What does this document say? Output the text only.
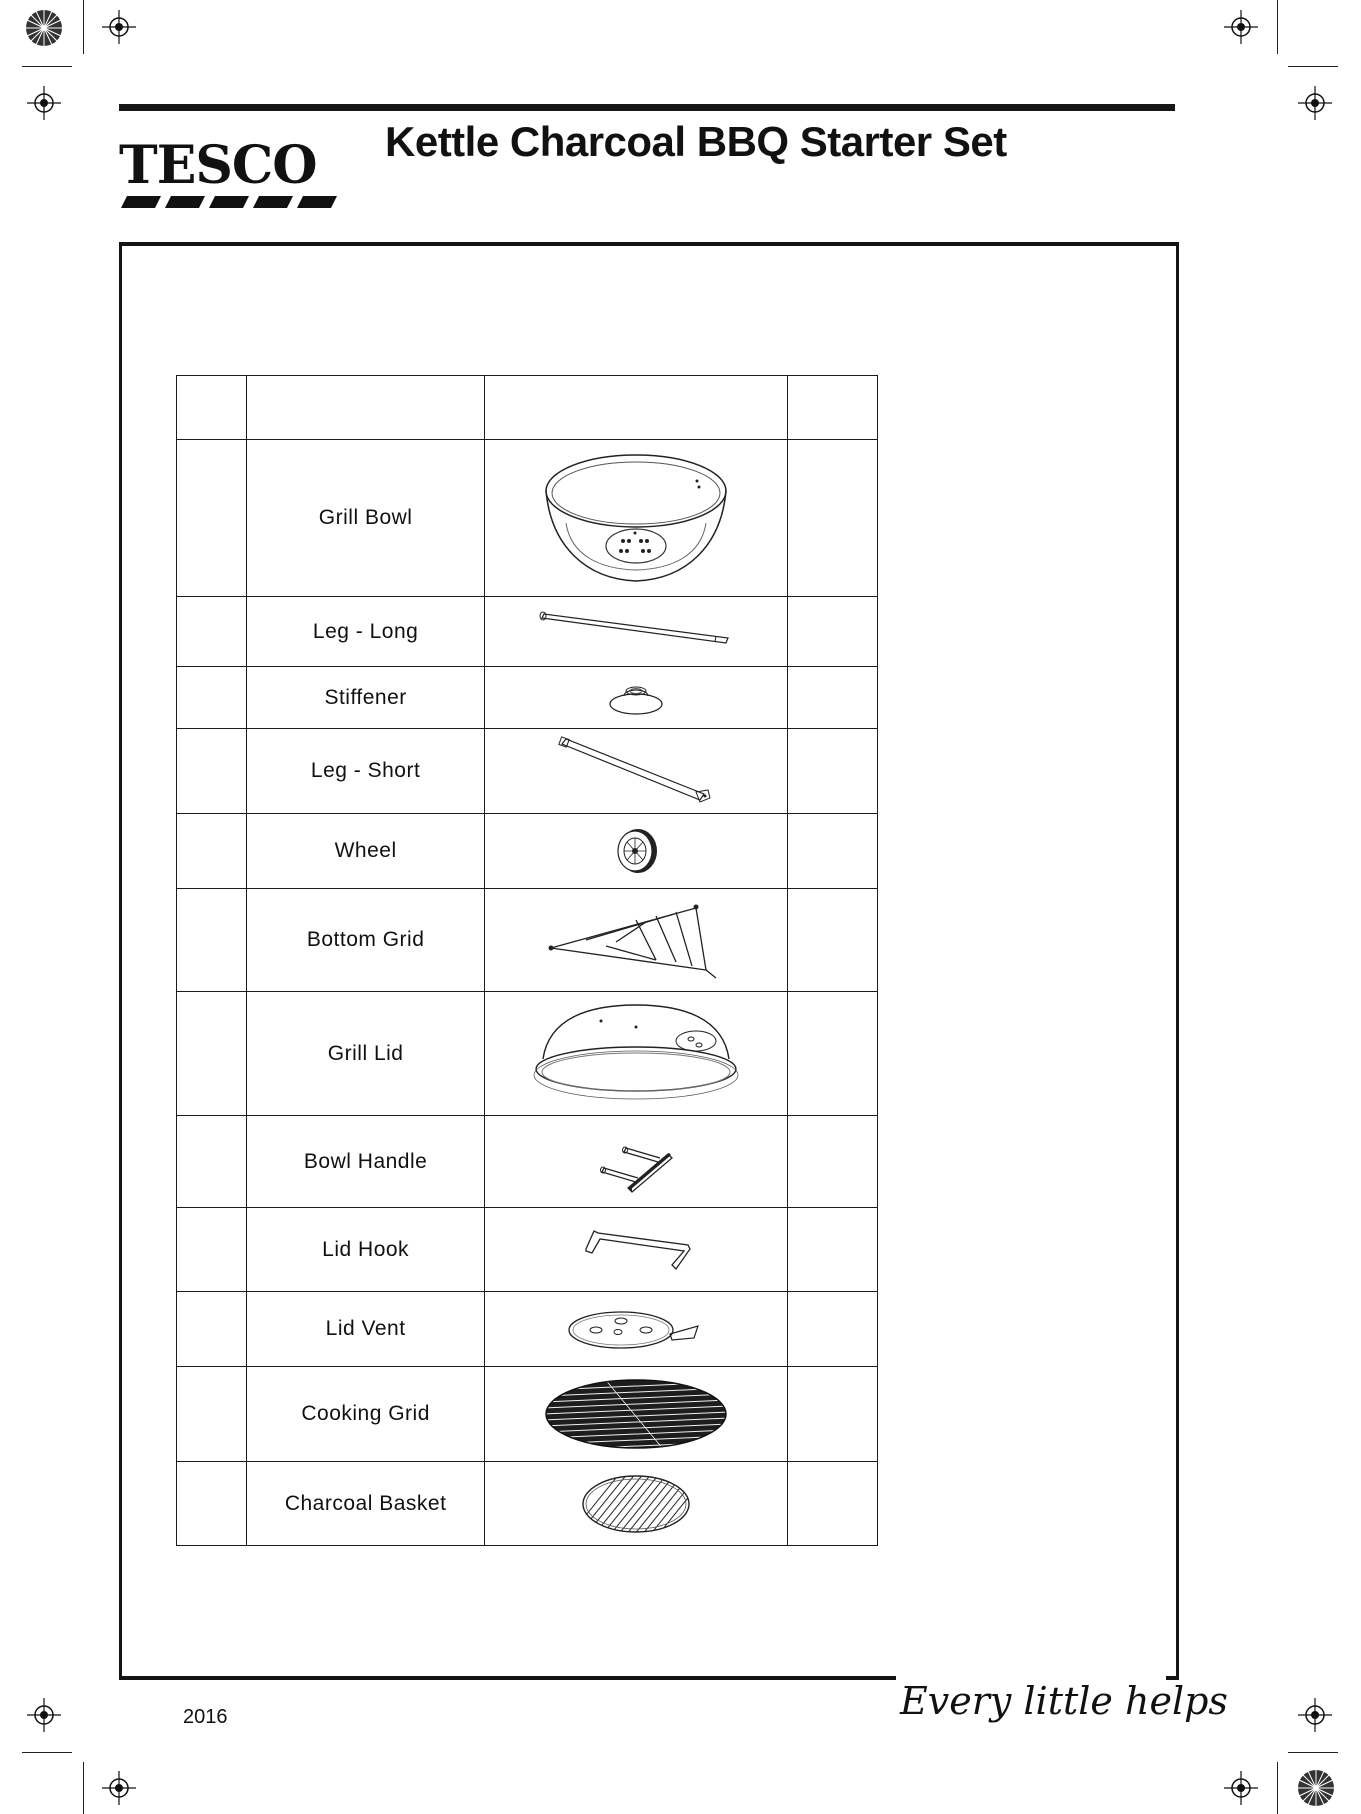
TESCO Kettle Charcoal BBQ Starter Set

	Grill Bowl	

	Leg - Long	

	Stiffener	

	Leg - Short	

	Wheel	

	Bottom Grid	

	Grill Lid	

	Bowl Handle	

	Lid Hook	

	Lid Vent	

	Cooking Grid	

	Charcoal Basket	

2016	Every little helps
